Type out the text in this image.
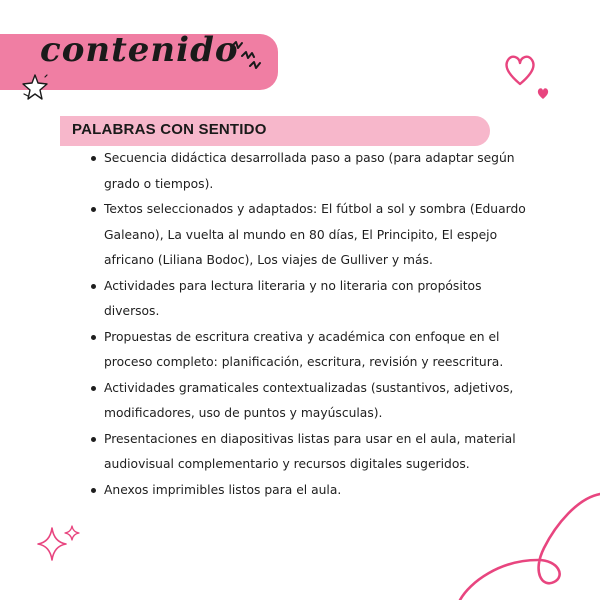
contenido
PALABRAS CON SENTIDO
Secuencia didáctica desarrollada paso a paso (para adaptar según grado o tiempos).
Textos seleccionados y adaptados: El fútbol a sol y sombra (Eduardo Galeano), La vuelta al mundo en 80 días, El Principito, El espejo africano (Liliana Bodoc), Los viajes de Gulliver y más.
Actividades para lectura literaria y no literaria con propósitos diversos.
Propuestas de escritura creativa y académica con enfoque en el proceso completo: planificación, escritura, revisión y reescritura.
Actividades gramaticales contextualizadas (sustantivos, adjetivos, modificadores, uso de puntos y mayúsculas).
Presentaciones en diapositivas listas para usar en el aula, material audiovisual complementario y recursos digitales sugeridos.
Anexos imprimibles listos para el aula.
